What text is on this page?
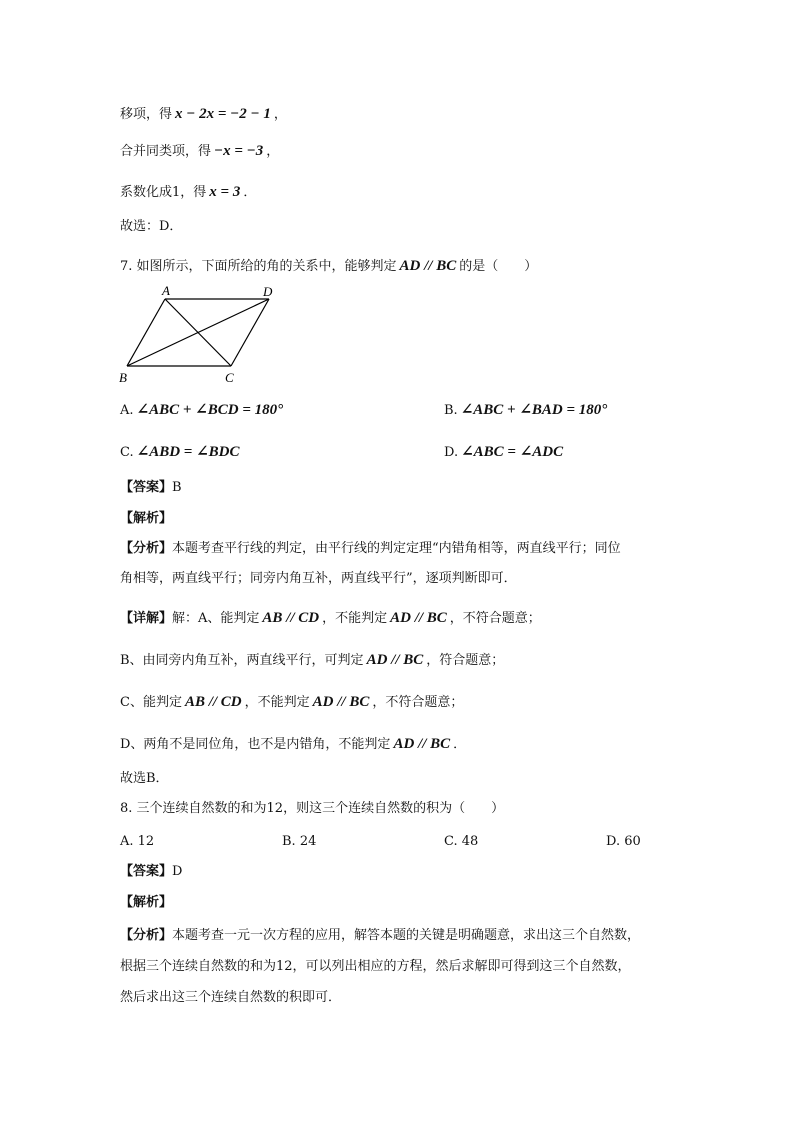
移项，得 x − 2x = −2 − 1 ，
合并同类项，得 −x = −3 ，
系数化成1，得 x = 3 ．
故选：D．
7. 如图所示，下面所给的角的关系中，能够判定 AD // BC 的是（　　）
A	D
B	C
A. ∠ABC + ∠BCD = 180°	B. ∠ABC + ∠BAD = 180°
C. ∠ABD = ∠BDC	D. ∠ABC = ∠ADC
【答案】B
【解析】
【分析】本题考查平行线的判定，由平行线的判定定理“内错角相等，两直线平行；同位
角相等，两直线平行；同旁内角互补，两直线平行”，逐项判断即可．
【详解】解：A、能判定 AB // CD ，不能判定 AD // BC ，不符合题意；
B、由同旁内角互补，两直线平行，可判定 AD // BC ，符合题意；
C、能判定 AB // CD ，不能判定 AD // BC ，不符合题意；
D、两角不是同位角，也不是内错角，不能判定 AD // BC ．
故选B．
8. 三个连续自然数的和为12，则这三个连续自然数的积为（　　）
A. 12	B. 24	C. 48	D. 60
【答案】D
【解析】
【分析】本题考查一元一次方程的应用，解答本题的关键是明确题意，求出这三个自然数，
根据三个连续自然数的和为12，可以列出相应的方程，然后求解即可得到这三个自然数，
然后求出这三个连续自然数的积即可．
